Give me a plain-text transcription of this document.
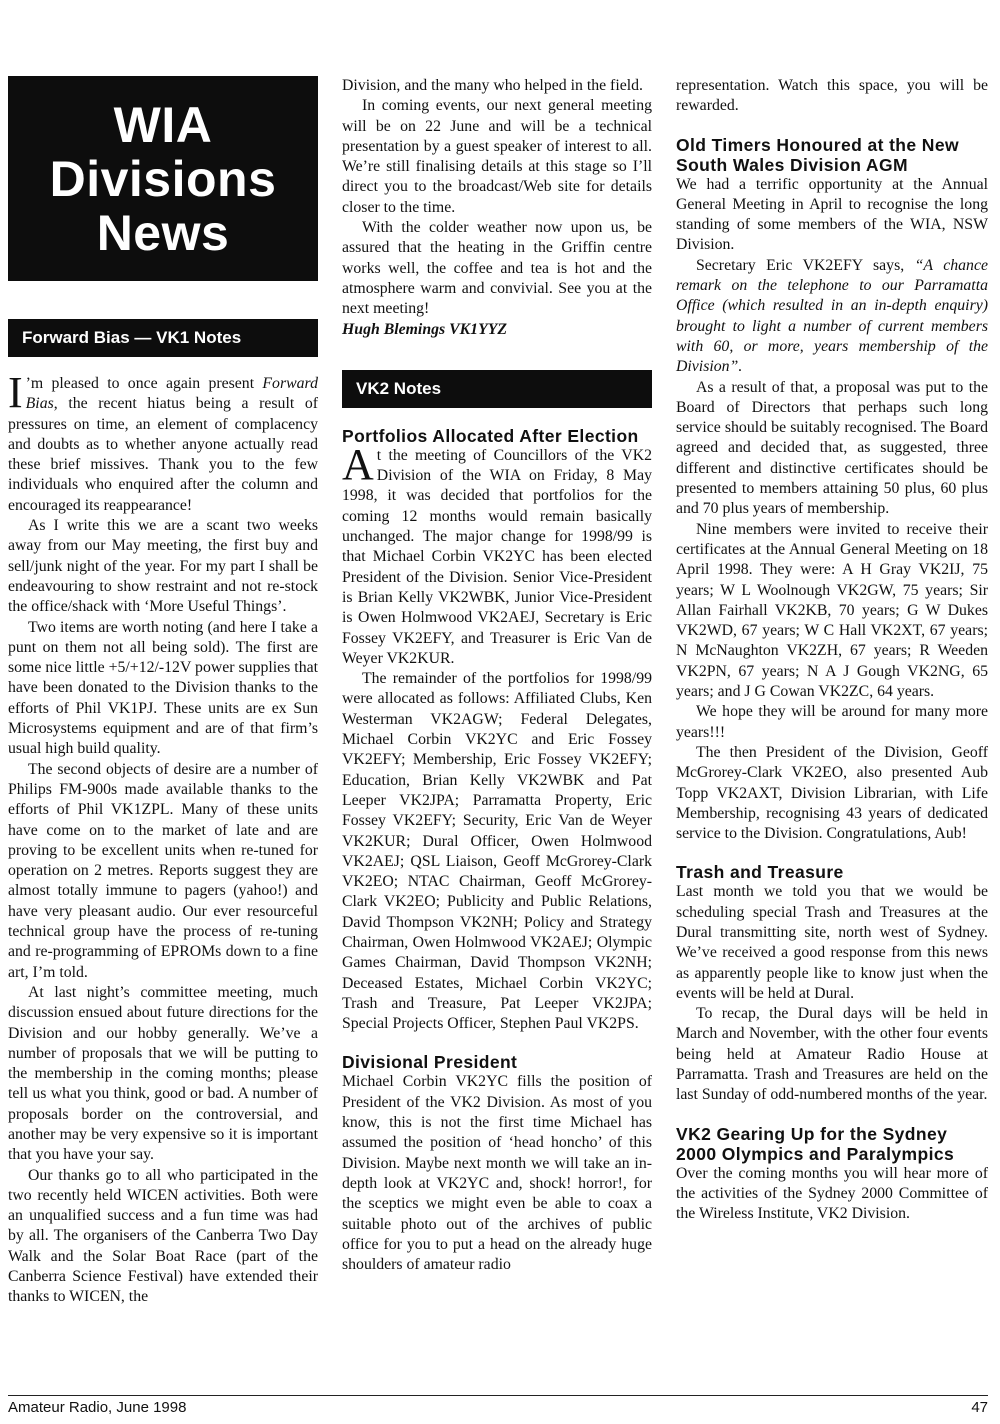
WIA
Divisions
News
Forward Bias — VK1 Notes

I ’m pleased to once again present Forward Bias, the recent hiatus being a result of pressures on time, an element of complacency and doubts as to whether anyone actually read these brief missives. Thank you to the few individuals who enquired after the column and encouraged its reappearance!

As I write this we are a scant two weeks away from our May meeting, the first buy and sell/junk night of the year. For my part I shall be endeavouring to show restraint and not re-stock the office/shack with ‘More Useful Things’.

Two items are worth noting (and here I take a punt on them not all being sold). The first are some nice little +5/+12/-12V power supplies that have been donated to the Division thanks to the efforts of Phil VK1PJ. These units are ex Sun Microsystems equipment and are of that firm’s usual high build quality.

The second objects of desire are a number of Philips FM-900s made available thanks to the efforts of Phil VK1ZPL. Many of these units have come on to the market of late and are proving to be excellent units when re-tuned for operation on 2 metres. Reports suggest they are almost totally immune to pagers (yahoo!) and have very pleasant audio. Our ever resourceful technical group have the process of re-tuning and re-programming of EPROMs down to a fine art, I’m told.

At last night’s committee meeting, much discussion ensued about future directions for the Division and our hobby generally. We’ve a number of proposals that we will be putting to the membership in the coming months; please tell us what you think, good or bad. A number of proposals border on the controversial, and another may be very expensive so it is important that you have your say.

Our thanks go to all who participated in the two recently held WICEN activities. Both were an unqualified success and a fun time was had by all. The organisers of the Canberra Two Day Walk and the Solar Boat Race (part of the Canberra Science Festival) have extended their thanks to WICEN, the

Division, and the many who helped in the field.

In coming events, our next general meeting will be on 22 June and will be a technical presentation by a guest speaker of interest to all. We’re still finalising details at this stage so I’ll direct you to the broadcast/Web site for details closer to the time.

With the colder weather now upon us, be assured that the heating in the Griffin centre works well, the coffee and tea is hot and the atmosphere warm and convivial. See you at the next meeting!

Hugh Blemings VK1YYZ

VK2 Notes
Portfolios Allocated After Election

At the meeting of Councillors of the VK2 Division of the WIA on Friday, 8 May 1998, it was decided that portfolios for the coming 12 months would remain basically unchanged. The major change for 1998/99 is that Michael Corbin VK2YC has been elected President of the Division. Senior Vice-President is Brian Kelly VK2WBK, Junior Vice-President is Owen Holmwood VK2AEJ, Secretary is Eric Fossey VK2EFY, and Treasurer is Eric Van de Weyer VK2KUR.

The remainder of the portfolios for 1998/99 were allocated as follows: Affiliated Clubs, Ken Westerman VK2AGW; Federal Delegates, Michael Corbin VK2YC and Eric Fossey VK2EFY; Membership, Eric Fossey VK2EFY; Education, Brian Kelly VK2WBK and Pat Leeper VK2JPA; Parramatta Property, Eric Fossey VK2EFY; Security, Eric Van de Weyer VK2KUR; Dural Officer, Owen Holmwood VK2AEJ; QSL Liaison, Geoff McGrorey-Clark VK2EO; NTAC Chairman, Geoff McGrorey-Clark VK2EO; Publicity and Public Relations, David Thompson VK2NH; Policy and Strategy Chairman, Owen Holmwood VK2AEJ; Olympic Games Chairman, David Thompson VK2NH; Deceased Estates, Michael Corbin VK2YC; Trash and Treasure, Pat Leeper VK2JPA; Special Projects Officer, Stephen Paul VK2PS.

Divisional President

Michael Corbin VK2YC fills the position of President of the VK2 Division. As most of you know, this is not the first time Michael has assumed the position of ‘head honcho’ of this Division. Maybe next month we will take an in-depth look at VK2YC and, shock! horror!, for the sceptics we might even be able to coax a suitable photo out of the archives of public office for you to put a head on the already huge shoulders of amateur radio

representation. Watch this space, you will be rewarded.

Old Timers Honoured at the New South Wales Division AGM

We had a terrific opportunity at the Annual General Meeting in April to recognise the long standing of some members of the WIA, NSW Division.

Secretary Eric VK2EFY says, “A chance remark on the telephone to our Parramatta Office (which resulted in an in-depth enquiry) brought to light a number of current members with 60, or more, years membership of the Division”.

As a result of that, a proposal was put to the Board of Directors that perhaps such long service should be suitably recognised. The Board agreed and decided that, as suggested, three different and distinctive certificates should be presented to members attaining 50 plus, 60 plus and 70 plus years of membership.

Nine members were invited to receive their certificates at the Annual General Meeting on 18 April 1998. They were: A H Gray VK2IJ, 75 years; W L Woolnough VK2GW, 75 years; Sir Allan Fairhall VK2KB, 70 years; G W Dukes VK2WD, 67 years; W C Hall VK2XT, 67 years; N McNaughton VK2ZH, 67 years; R Weeden VK2PN, 67 years; N A J Gough VK2NG, 65 years; and J G Cowan VK2ZC, 64 years.

We hope they will be around for many more years!!!

The then President of the Division, Geoff McGrorey-Clark VK2EO, also presented Aub Topp VK2AXT, Division Librarian, with Life Membership, recognising 43 years of dedicated service to the Division. Congratulations, Aub!

Trash and Treasure

Last month we told you that we would be scheduling special Trash and Treasures at the Dural transmitting site, north west of Sydney. We’ve received a good response from this news as apparently people like to know just when the events will be held at Dural.

To recap, the Dural days will be held in March and November, with the other four events being held at Amateur Radio House at Parramatta. Trash and Treasures are held on the last Sunday of odd-numbered months of the year.

VK2 Gearing Up for the Sydney 2000 Olympics and Paralympics

Over the coming months you will hear more of the activities of the Sydney 2000 Committee of the Wireless Institute, VK2 Division.

Amateur Radio, June 1998	47
